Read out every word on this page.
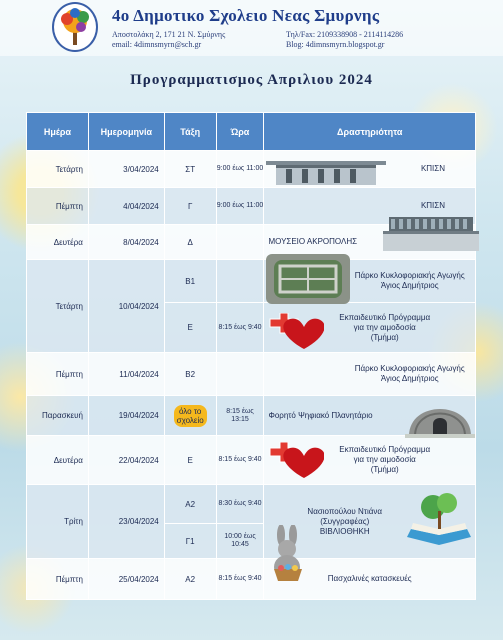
4ο Δημοτικο Σχολειο Νεας Σμυρνης
Αποστολάκη 2, 171 21 Ν. Σμύρνης	Τηλ/Fax: 2109338908 - 2114114286
email: 4dimnsmyrn@sch.gr	Blog: 4dimnsmyrn.blogspot.gr
Προγραμματισμος Απριλιου 2024
Ημέρα	Ημερομηνία	Τάξη	Ώρα	Δραστηριότητα
Τετάρτη	3/04/2024	ΣΤ	9:00 έως 11:00	ΚΠΙΣΝ

Πέμπτη	4/04/2024	Γ	9:00 έως 11:00	ΚΠΙΣΝ

Δευτέρα	8/04/2024	Δ		ΜΟΥΣΕΙΟ ΑΚΡΟΠΟΛΗΣ
Τετάρτη	10/04/2024	Β1		Πάρκο Κυκλοφοριακής Αγωγής
Άγιος Δημήτριος

		Ε	8:15 έως 9:40	Εκπαιδευτικό Πρόγραμμα
για την αιμοδοσία
(Τμήμα)

Πέμπτη	11/04/2024	Β2		Πάρκο Κυκλοφοριακής Αγωγής
Άγιος Δημήτριος

Παρασκευή	19/04/2024	όλο το
σχολείο	8:15 έως 13:15	Φορητό Ψηφιακό Πλανητάριο
Δευτέρα	22/04/2024	Ε	8:15 έως 9:40	Εκπαιδευτικό Πρόγραμμα
για την αιμοδοσία
(Τμήμα)

Τρίτη	23/04/2024	Α2	8:30 έως 9:40	Νασιοπούλου Ντιάνα
(Συγγραφέας)
ΒΙΒΛΙΟΘΗΚΗ

		Γ1	10:00 έως 10:45	
Πέμπτη	25/04/2024	Α2	8:15 έως 9:40	Πασχαλινές κατασκευές
